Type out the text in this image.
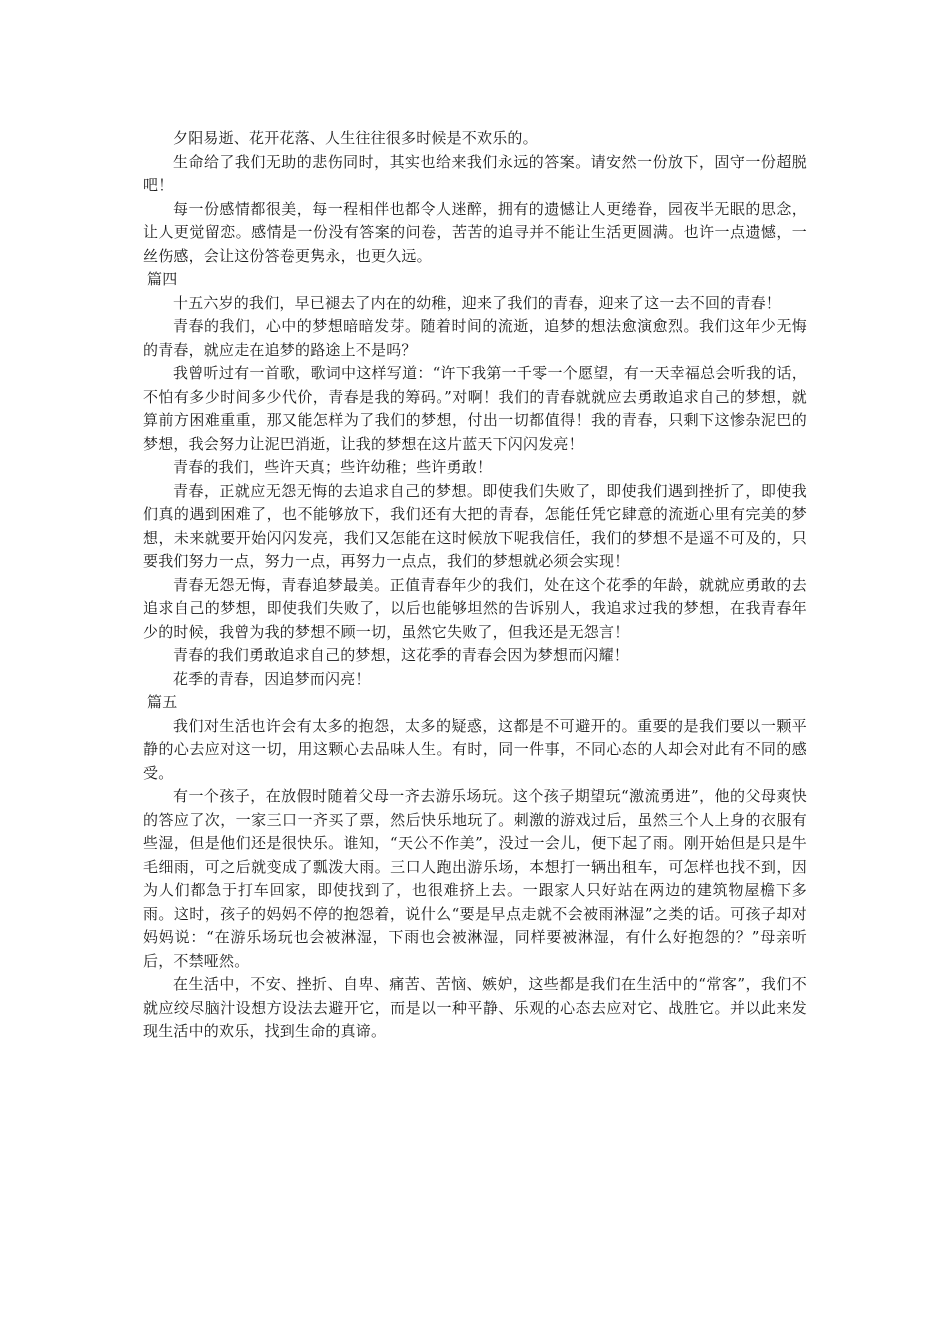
夕阳易逝、花开花落、人生往往很多时候是不欢乐的。

生命给了我们无助的悲伤同时，其实也给来我们永远的答案。请安然一份放下，固守一份超脱吧！

每一份感情都很美，每一程相伴也都令人迷醉，拥有的遗憾让人更绻眷，园夜半无眠的思念，让人更觉留恋。感情是一份没有答案的问卷，苦苦的追寻并不能让生活更圆满。也许一点遗憾，一丝伤感，会让这份答卷更隽永，也更久远。

篇四

十五六岁的我们，早已褪去了内在的幼稚，迎来了我们的青春，迎来了这一去不回的青春！

青春的我们，心中的梦想暗暗发芽。随着时间的流逝，追梦的想法愈演愈烈。我们这年少无悔的青春，就应走在追梦的路途上不是吗？

我曾听过有一首歌，歌词中这样写道：“许下我第一千零一个愿望，有一天幸福总会听我的话，不怕有多少时间多少代价，青春是我的筹码。”对啊！我们的青春就就应去勇敢追求自己的梦想，就算前方困难重重，那又能怎样为了我们的梦想，付出一切都值得！我的青春，只剩下这惨杂泥巴的梦想，我会努力让泥巴消逝，让我的梦想在这片蓝天下闪闪发亮！

青春的我们，些许天真；些许幼稚；些许勇敢！

青春，正就应无怨无悔的去追求自己的梦想。即使我们失败了，即使我们遇到挫折了，即使我们真的遇到困难了，也不能够放下，我们还有大把的青春，怎能任凭它肆意的流逝心里有完美的梦想，未来就要开始闪闪发亮，我们又怎能在这时候放下呢我信任，我们的梦想不是遥不可及的，只要我们努力一点，努力一点，再努力一点点，我们的梦想就必须会实现！

青春无怨无悔，青春追梦最美。正值青春年少的我们，处在这个花季的年龄，就就应勇敢的去追求自己的梦想，即使我们失败了，以后也能够坦然的告诉别人，我追求过我的梦想，在我青春年少的时候，我曾为我的梦想不顾一切，虽然它失败了，但我还是无怨言！

青春的我们勇敢追求自己的梦想，这花季的青春会因为梦想而闪耀！

花季的青春，因追梦而闪亮！

篇五

我们对生活也许会有太多的抱怨，太多的疑惑，这都是不可避开的。重要的是我们要以一颗平静的心去应对这一切，用这颗心去品味人生。有时，同一件事，不同心态的人却会对此有不同的感受。

有一个孩子，在放假时随着父母一齐去游乐场玩。这个孩子期望玩“激流勇进”，他的父母爽快的答应了次，一家三口一齐买了票，然后快乐地玩了。刺激的游戏过后，虽然三个人上身的衣服有些湿，但是他们还是很快乐。谁知，“天公不作美”，没过一会儿，便下起了雨。刚开始但是只是牛毛细雨，可之后就变成了瓢泼大雨。三口人跑出游乐场，本想打一辆出租车，可怎样也找不到，因为人们都急于打车回家，即使找到了，也很难挤上去。一跟家人只好站在两边的建筑物屋檐下多雨。这时，孩子的妈妈不停的抱怨着，说什么“要是早点走就不会被雨淋湿”之类的话。可孩子却对妈妈说：“在游乐场玩也会被淋湿，下雨也会被淋湿，同样要被淋湿，有什么好抱怨的？”母亲听后，不禁哑然。

在生活中，不安、挫折、自卑、痛苦、苦恼、嫉妒，这些都是我们在生活中的“常客”，我们不就应绞尽脑汁设想方设法去避开它，而是以一种平静、乐观的心态去应对它、战胜它。并以此来发现生活中的欢乐，找到生命的真谛。
